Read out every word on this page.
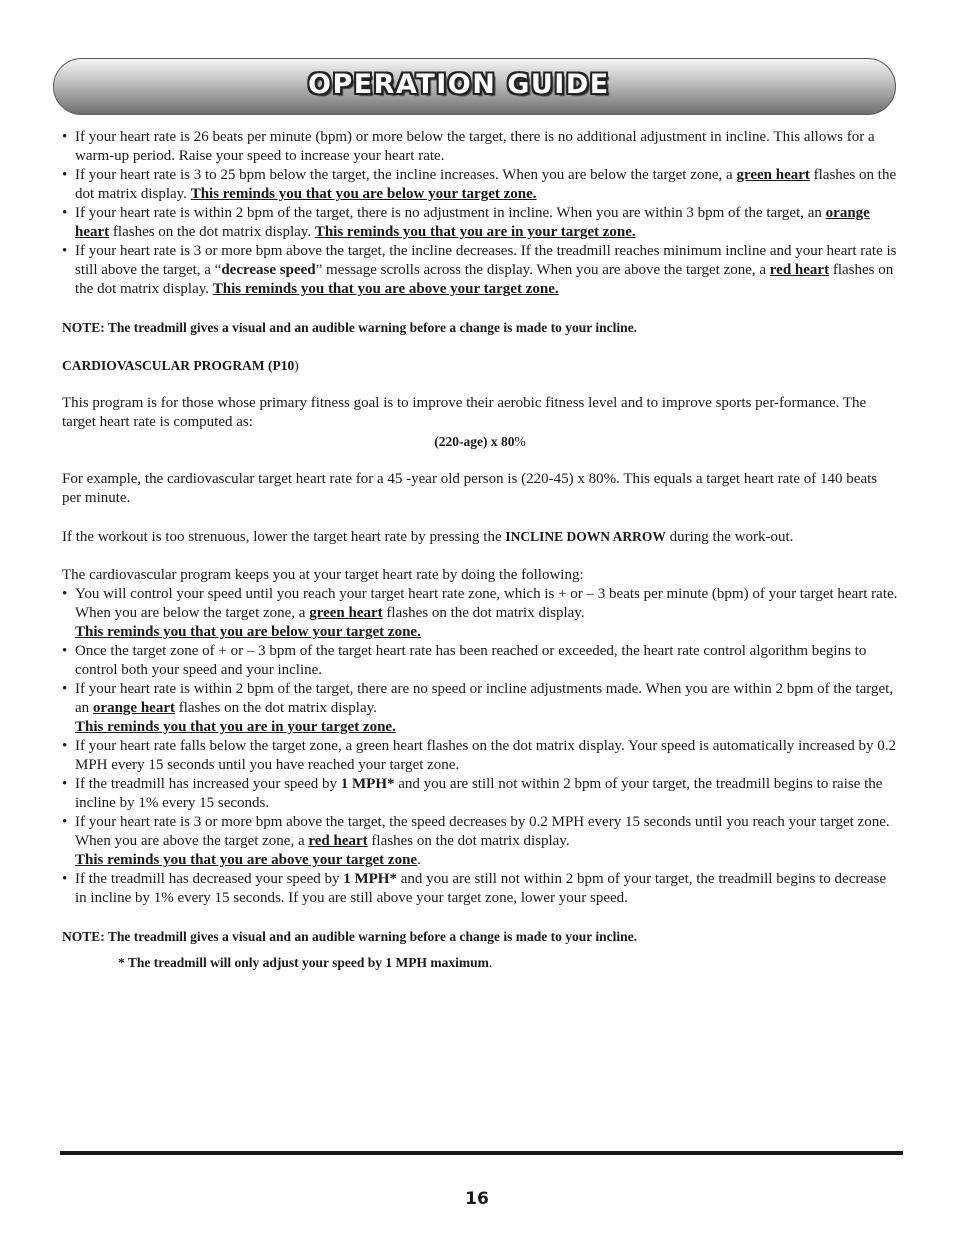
OPERATION GUIDE
• If your heart rate is 26 beats per minute (bpm) or more below the target, there is no additional adjustment in incline. This allows for a warm-up period. Raise your speed to increase your heart rate.
• If your heart rate is 3 to 25 bpm below the target, the incline increases. When you are below the target zone, a green heart flashes on the dot matrix display. This reminds you that you are below your target zone.
• If your heart rate is within 2 bpm of the target, there is no adjustment in incline. When you are within 3 bpm of the target, an orange heart flashes on the dot matrix display. This reminds you that you are in your target zone.
• If your heart rate is 3 or more bpm above the target, the incline decreases. If the treadmill reaches minimum incline and your heart rate is still above the target, a “decrease speed” message scrolls across the display. When you are above the target zone, a red heart flashes on the dot matrix display. This reminds you that you are above your target zone.
NOTE: The treadmill gives a visual and an audible warning before a change is made to your incline.
CARDIOVASCULAR PROGRAM (P10)
This program is for those whose primary fitness goal is to improve their aerobic fitness level and to improve sports per-formance. The target heart rate is computed as:
(220-age) x 80%
For example, the cardiovascular target heart rate for a 45 -year old person is (220-45) x 80%. This equals a target heart rate of 140 beats per minute.
If the workout is too strenuous, lower the target heart rate by pressing the INCLINE DOWN ARROW during the work-out.
The cardiovascular program keeps you at your target heart rate by doing the following:
• You will control your speed until you reach your target heart rate zone, which is + or – 3 beats per minute (bpm) of your target heart rate. When you are below the target zone, a green heart flashes on the dot matrix display.
This reminds you that you are below your target zone.
• Once the target zone of + or – 3 bpm of the target heart rate has been reached or exceeded, the heart rate control algorithm begins to control both your speed and your incline.
• If your heart rate is within 2 bpm of the target, there are no speed or incline adjustments made. When you are within 2 bpm of the target, an orange heart flashes on the dot matrix display.
This reminds you that you are in your target zone.
• If your heart rate falls below the target zone, a green heart flashes on the dot matrix display. Your speed is automatically increased by 0.2 MPH every 15 seconds until you have reached your target zone.
• If the treadmill has increased your speed by 1 MPH* and you are still not within 2 bpm of your target, the treadmill begins to raise the incline by 1% every 15 seconds.
• If your heart rate is 3 or more bpm above the target, the speed decreases by 0.2 MPH every 15 seconds until you reach your target zone. When you are above the target zone, a red heart flashes on the dot matrix display.
This reminds you that you are above your target zone.
• If the treadmill has decreased your speed by 1 MPH* and you are still not within 2 bpm of your target, the treadmill begins to decrease in incline by 1% every 15 seconds. If you are still above your target zone, lower your speed.
NOTE: The treadmill gives a visual and an audible warning before a change is made to your incline.
* The treadmill will only adjust your speed by 1 MPH maximum.
16
